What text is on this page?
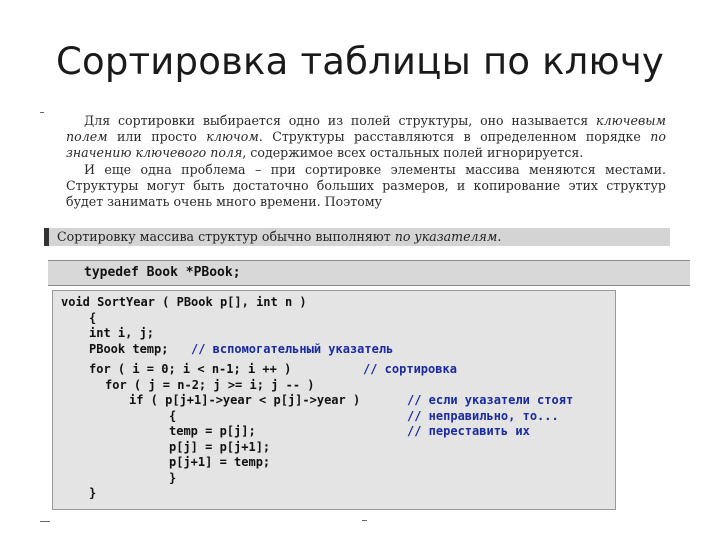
Сортировка таблицы по ключу

Для сортировки выбирается одно из полей структуры, оно называется ключевым полем или просто ключом. Структуры расставляются в определенном порядке по значению ключевого поля, содержимое всех остальных полей игнорируется.

И еще одна проблема – при сортировке элементы массива меняются местами. Структуры могут быть достаточно больших размеров, и копирование этих структур будет занимать очень много времени. Поэтому

Сортировку массива структур обычно выполняют по указателям.
typedef Book *PBook;
void SortYear ( PBook p[], int n )
{
int i, j;
PBook temp; // вспомогательный указатель
for ( i = 0; i < n-1; i ++ )	// сортировка
for ( j = n-2; j >= i; j -- )
if ( p[j+1]->year < p[j]->year )	// если указатели стоят
{	// неправильно, то...
temp = p[j];	// переставить их
p[j] = p[j+1];
p[j+1] = temp;
}
}
